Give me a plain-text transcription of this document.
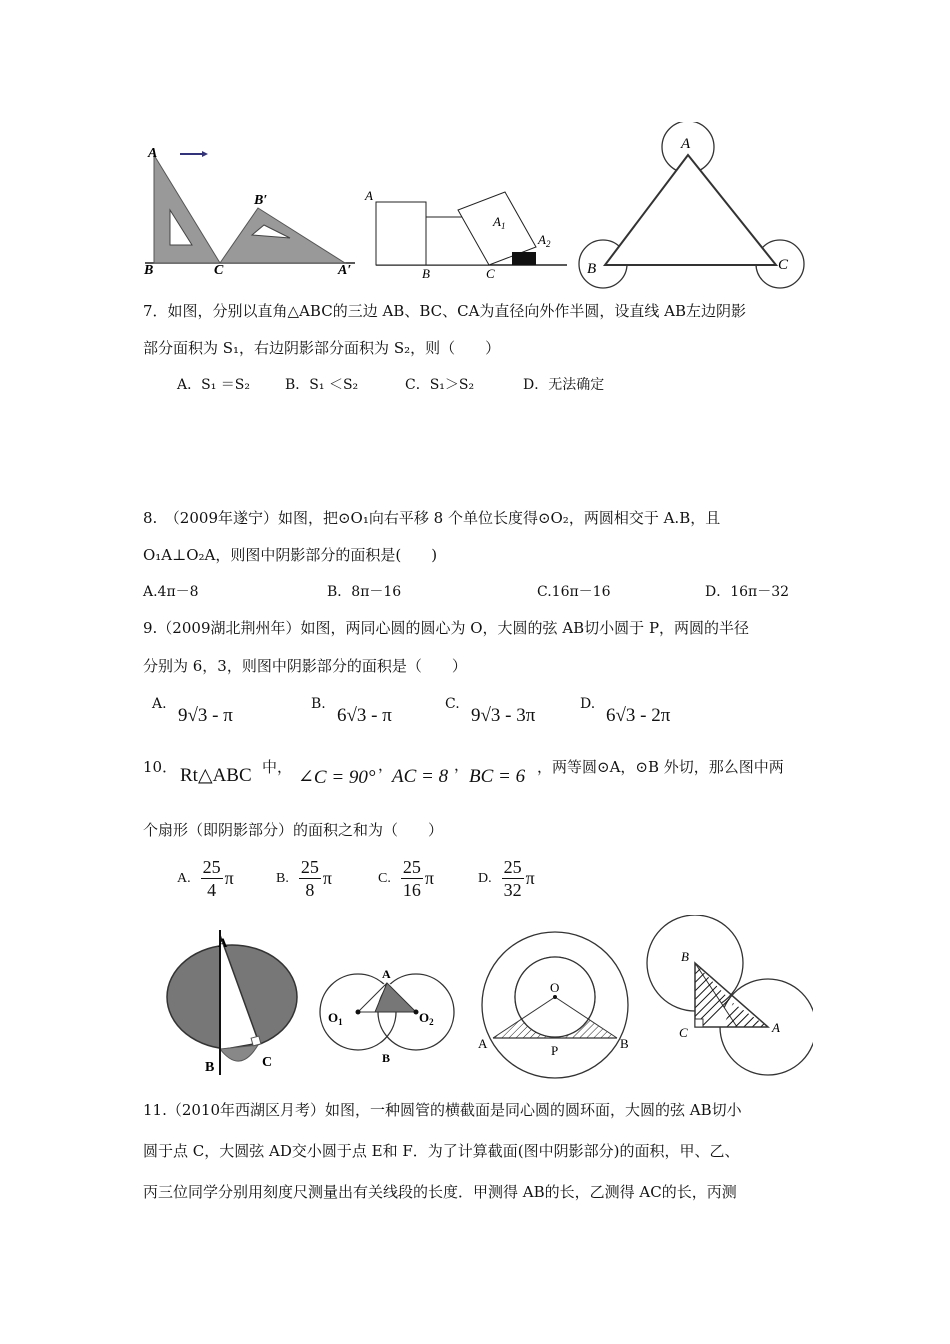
A
B	C
B′
A′
A
B	C
$A_1$
$A_2$
A
B	C
7．如图，分别以直角△ABC的三边 AB、BC、CA为直径向外作半圆，设直线 AB左边阴影
部分面积为 S₁，右边阴影部分面积为 S₂，则（　　）
A．S₁ ＝S₂	B．S₁ ＜S₂	C．S₁＞S₂	D．无法确定
8.　（2009年遂宁）如图，把⊙O₁向右平移 8 个单位长度得⊙O₂，两圆相交于 A.B，且
O₁A⊥O₂A，则图中阴影部分的面积是(　　)
A.4π－8	B．8π－16	C.16π－16	D．16π－32
9.（2009湖北荆州年）如图，两同心圆的圆心为 O，大圆的弦 AB切小圆于 P，两圆的半径
分别为 6，3，则图中阴影部分的面积是（　　）
A.
9√3 - π
B.
6√3 - π
C.
9√3 - 3π
D.
6√3 - 2π
10． Rt△ABC 中， ∠C = 90°
，
AC = 8
，
BC = 6 ，两等圆⊙A，⊙B 外切，那么图中两
个扇形（即阴影部分）的面积之和为（　　）
A. $\frac{25}{4}$ π	B. $\frac{25}{8}$ π	C. $\frac{25}{16}$ π	D. $\frac{25}{32}$ π
A
B	C
A
B
$O_1$	$O_2$
O
A	B
P
B
C	A
11.（2010年西湖区月考）如图，一种圆管的横截面是同心圆的圆环面，大圆的弦 AB切小
圆于点 C，大圆弦 AD交小圆于点 E和 F．为了计算截面(图中阴影部分)的面积，甲、乙、
丙三位同学分别用刻度尺测量出有关线段的长度．甲测得 AB的长，乙测得 AC的长，丙测
